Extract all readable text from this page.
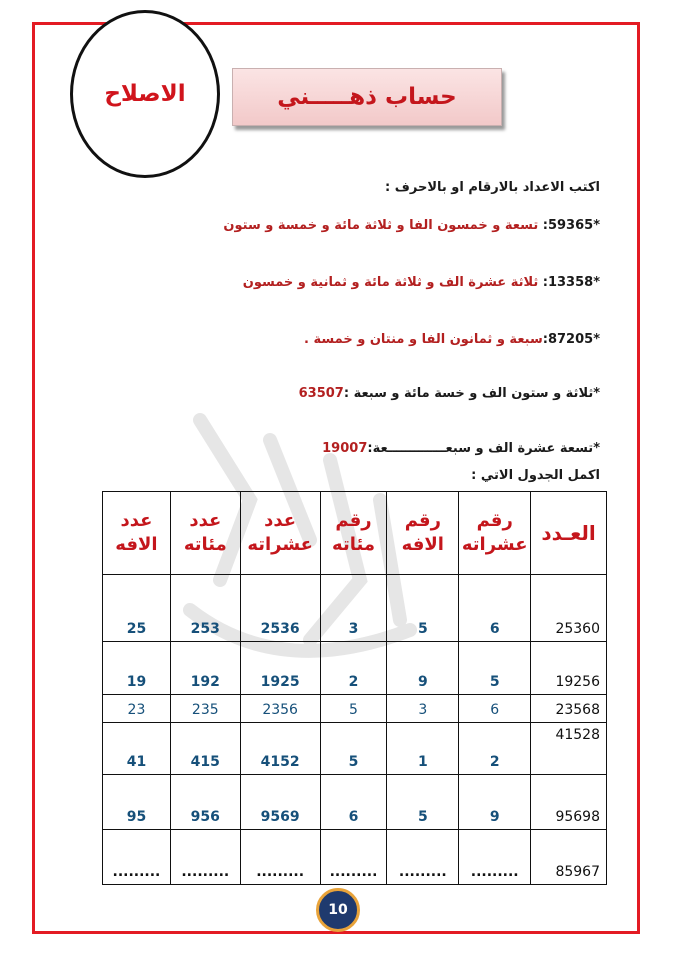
الاصلاح	حساب ذهـــــني
اكتب الاعداد بالارقام او بالاحرف :
*59365: تسعة و خمسون الفا و ثلاثة مائة و خمسة و ستون
*13358: ثلاثة عشرة الف و ثلاثة مائة و ثمانية و خمسون
*87205:سبعة و ثمانون الفا و منتان و خمسة .
*ثلاثة و ستون الف و خسة مائة و سبعة :63507
*تسعة عشرة الف و سبعـــــــــــــعة:19007
اكمل الجدول الاتي :
العـدد	رقم عشراته	رقم الافه	رقم مئاته	عدد عشراته	عدد مئاته	عدد الافه
25360	6	5	3	2536	253	25
19256	5	9	2	1925	192	19
23568	6	3	5	2356	235	23
41528	2	1	5	4152	415	41
95698	9	5	6	9569	956	95
85967	.........	.........	.........	.........	.........	.........
10
